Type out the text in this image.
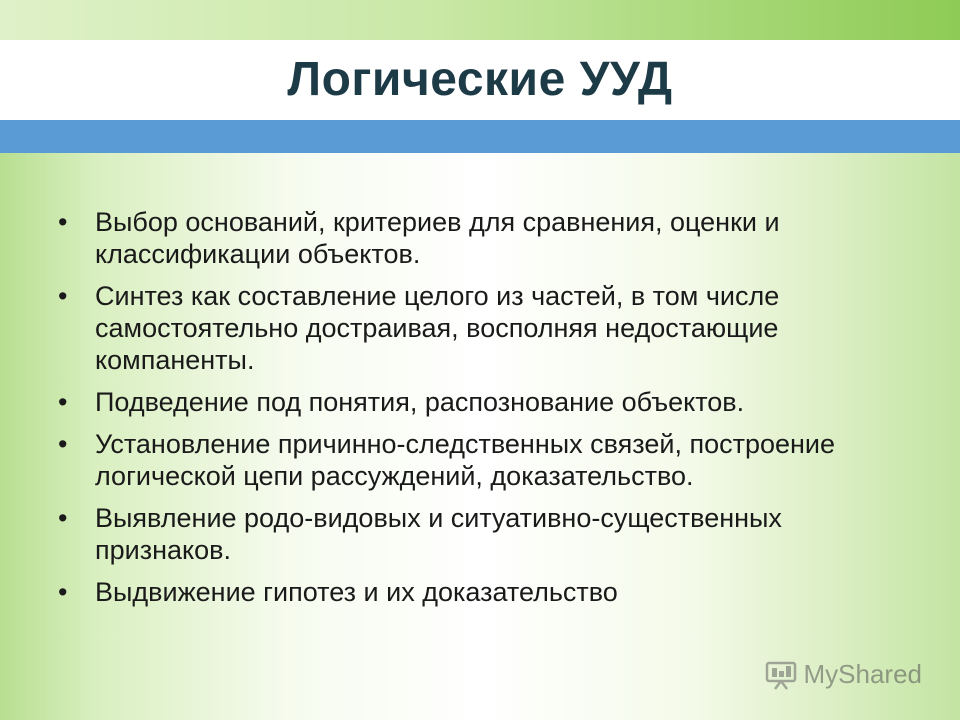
Логические УУД
•	Выбор оснований, критериев для сравнения, оценки и классификации объектов.
•	Синтез как составление целого из частей, в том числе самостоятельно достраивая, восполняя недостающие компаненты.
•	Подведение под понятия, распознование объектов.
•	Установление причинно-следственных связей, построение логической цепи рассуждений, доказательство.
•	Выявление родо-видовых и ситуативно-существенных признаков.
•	Выдвижение гипотез и их доказательство
MyShared
